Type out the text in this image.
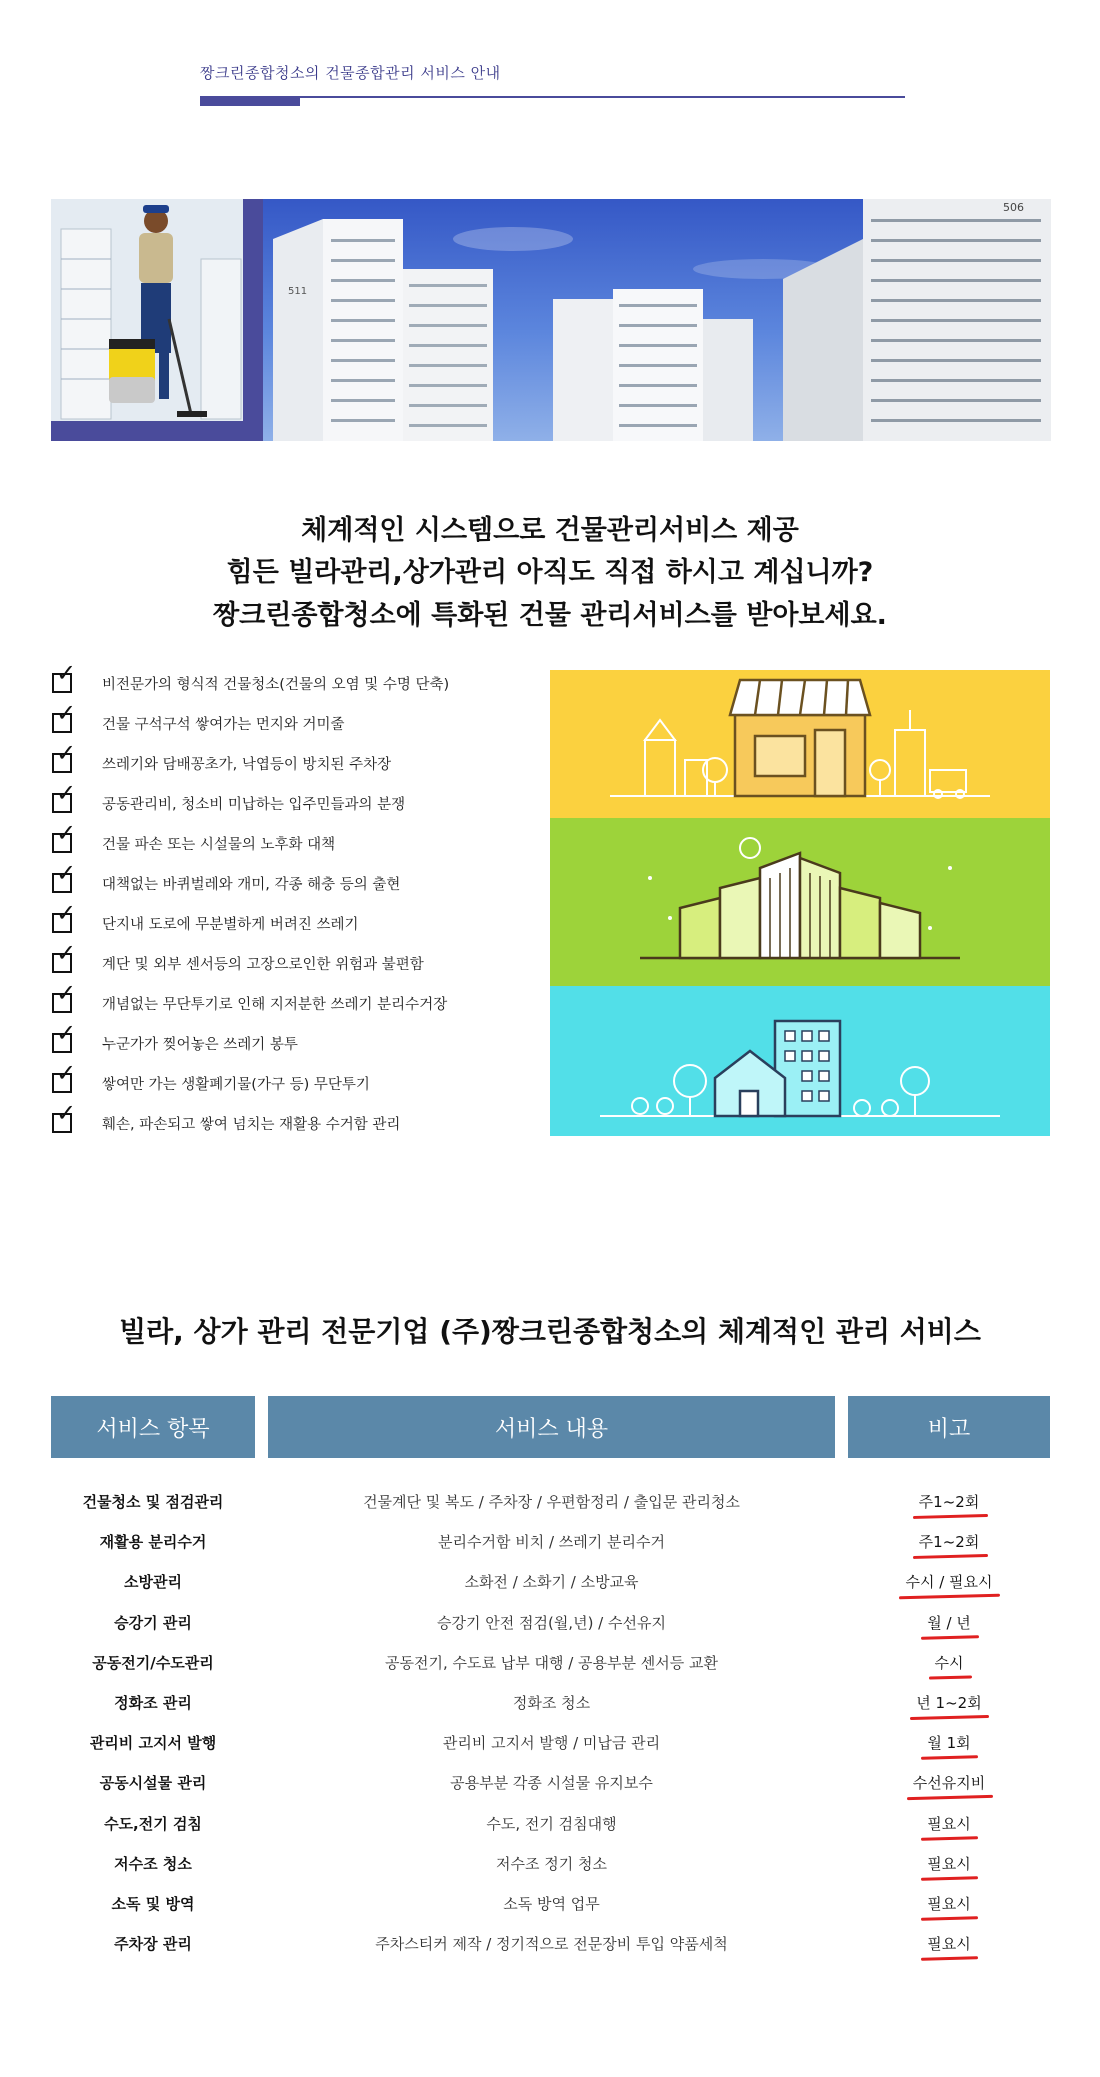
짱크린종합청소의 건물종합관리 서비스 안내
511
506
체계적인 시스템으로 건물관리서비스 제공
힘든 빌라관리,상가관리 아직도 직접 하시고 계십니까?
짱크린종합청소에 특화된 건물 관리서비스를 받아보세요.
✓ 비전문가의 형식적 건물청소(건물의 오염 및 수명 단축)
✓ 건물 구석구석 쌓여가는 먼지와 거미줄
✓ 쓰레기와 담배꽁초가, 낙엽등이 방치된 주차장
✓ 공동관리비, 청소비 미납하는 입주민들과의 분쟁
✓ 건물 파손 또는 시설물의 노후화 대책
✓ 대책없는 바퀴벌레와 개미, 각종 해충 등의 출현
✓ 단지내 도로에 무분별하게 버려진 쓰레기
✓ 계단 및 외부 센서등의 고장으로인한 위험과 불편함
✓ 개념없는 무단투기로 인해 지저분한 쓰레기 분리수거장
✓ 누군가가 찢어놓은 쓰레기 봉투
✓ 쌓여만 가는 생활폐기물(가구 등) 무단투기
✓ 훼손, 파손되고 쌓여 넘치는 재활용 수거함 관리
빌라, 상가 관리 전문기업 (주)짱크린종합청소의 체계적인 관리 서비스
서비스 항목	서비스 내용	비고
건물청소 및 점검관리	건물계단 및 복도 / 주차장 / 우편함정리 / 출입문 관리청소	주1~2회
재활용 분리수거	분리수거함 비치 / 쓰레기 분리수거	주1~2회
소방관리	소화전 / 소화기 / 소방교육	수시 / 필요시
승강기 관리	승강기 안전 점검(월,년) / 수선유지	월 / 년
공동전기/수도관리	공동전기, 수도료 납부 대행 / 공용부분 센서등 교환	수시
정화조 관리	정화조 청소	년 1~2회
관리비 고지서 발행	관리비 고지서 발행 / 미납금 관리	월 1회
공동시설물 관리	공용부분 각종 시설물 유지보수	수선유지비
수도,전기 검침	수도, 전기 검침대행	필요시
저수조 청소	저수조 정기 청소	필요시
소독 및 방역	소독 방역 업무	필요시
주차장 관리	주차스티커 제작 / 정기적으로 전문장비 투입 약품세척	필요시
